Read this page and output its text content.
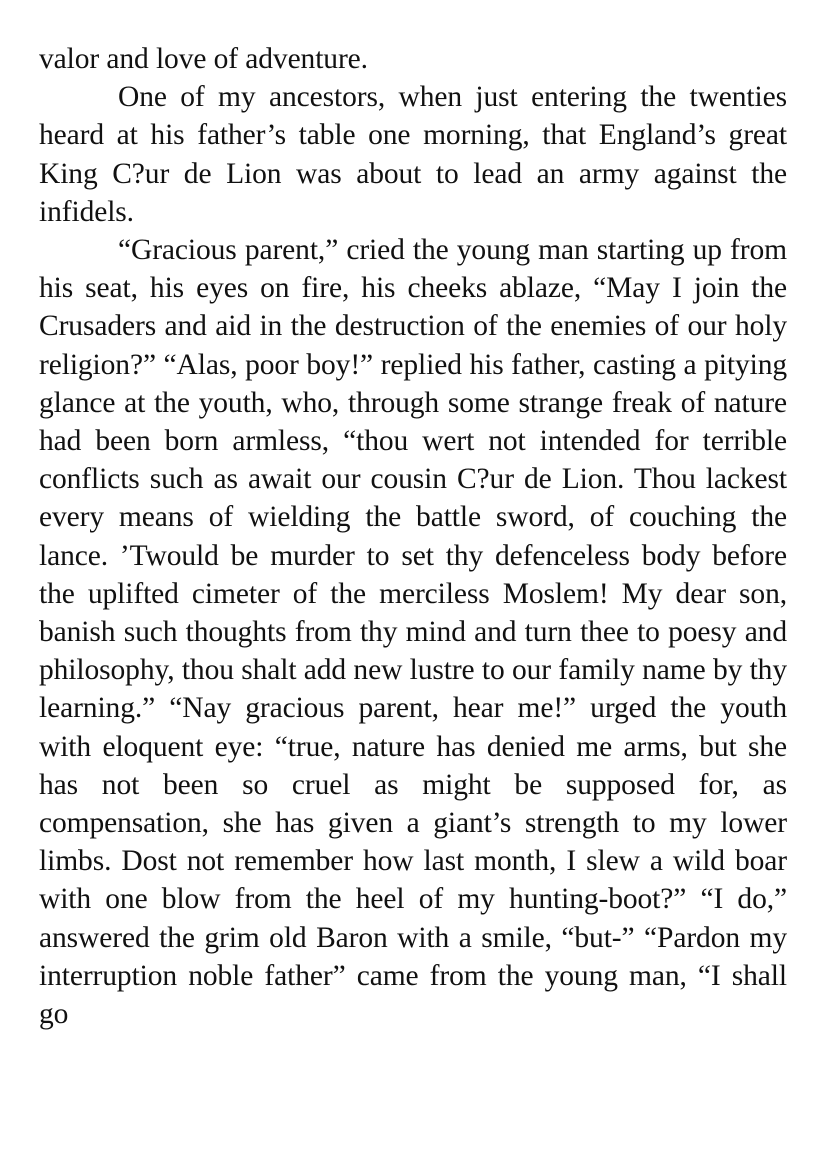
valor and love of adventure.

One of my ancestors, when just entering the twenties heard at his father’s table one morning, that England’s great King C?ur de Lion was about to lead an army against the infidels.

“Gracious parent,” cried the young man starting up from his seat, his eyes on fire, his cheeks ablaze, “May I join the Crusaders and aid in the destruction of the enemies of our holy religion?” “Alas, poor boy!” replied his father, casting a pitying glance at the youth, who, through some strange freak of nature had been born armless, “thou wert not intended for terrible conflicts such as await our cousin C?ur de Lion. Thou lackest every means of wielding the battle sword, of couching the lance. ’Twould be murder to set thy defenceless body before the uplifted cimeter of the merciless Moslem! My dear son, banish such thoughts from thy mind and turn thee to poesy and philosophy, thou shalt add new lustre to our family name by thy learning.” “Nay gracious parent, hear me!” urged the youth with eloquent eye: “true, nature has denied me arms, but she has not been so cruel as might be supposed for, as compensation, she has given a giant’s strength to my lower limbs. Dost not remember how last month, I slew a wild boar with one blow from the heel of my hunting-boot?” “I do,” answered the grim old Baron with a smile, “but-” “Pardon my interruption noble father” came from the young man, “I shall go
